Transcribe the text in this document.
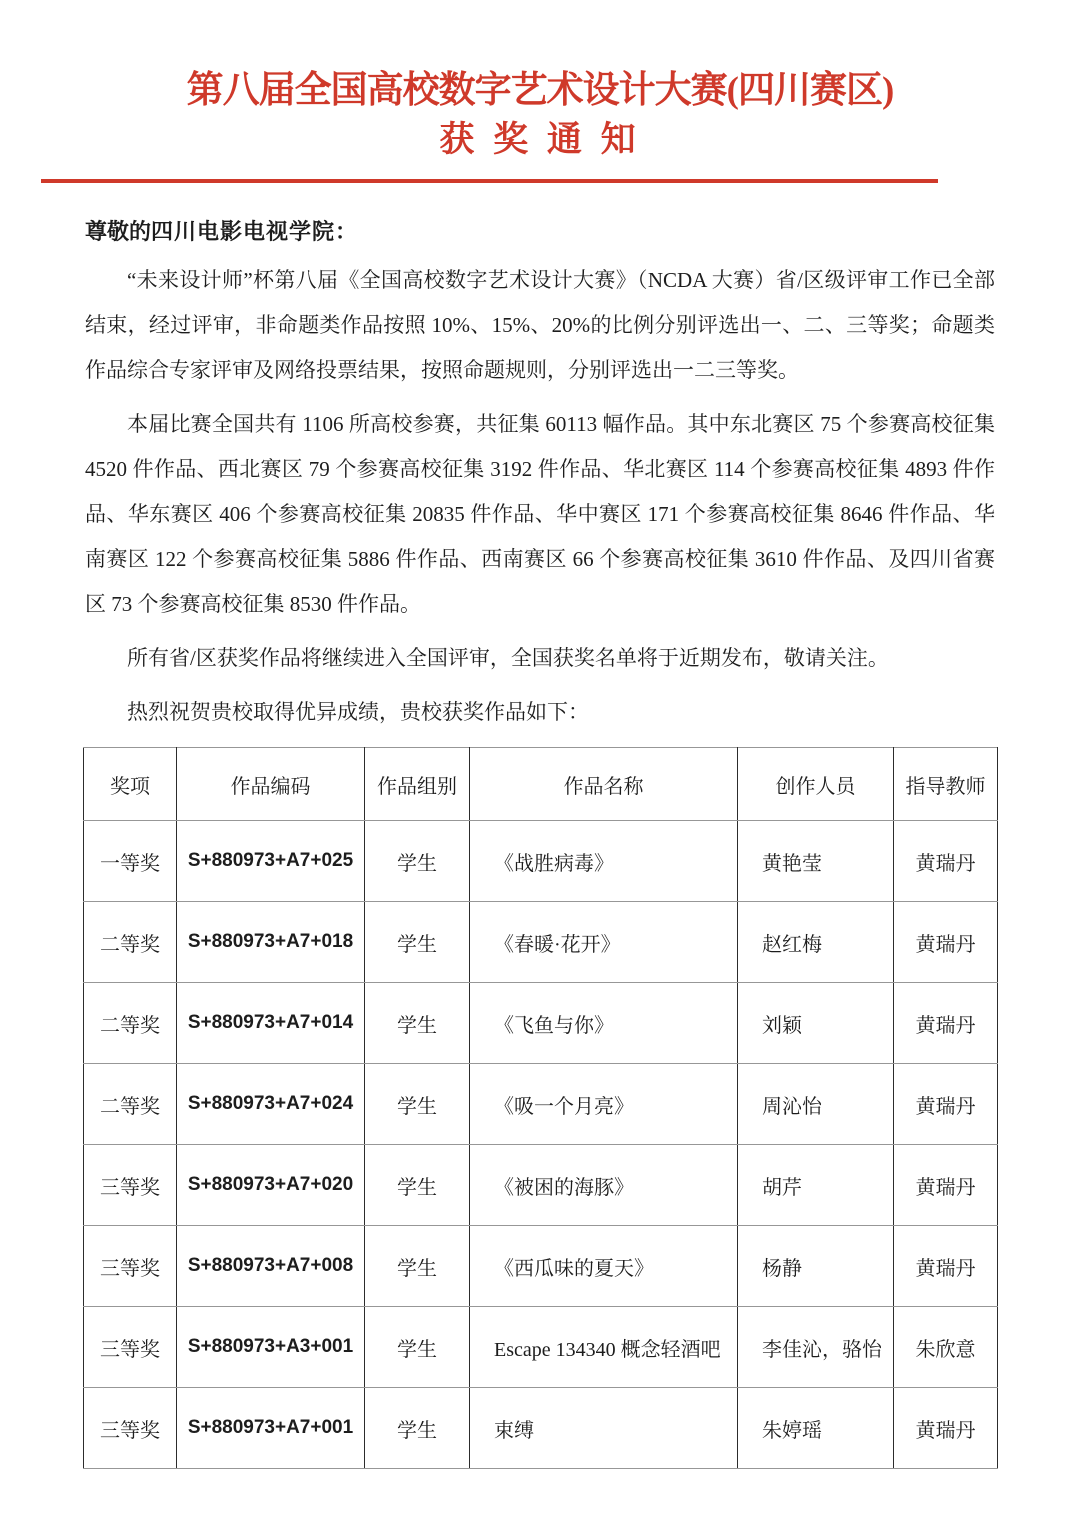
第八届全国高校数字艺术设计大赛(四川赛区)
获 奖 通 知

尊敬的四川电影电视学院：

“未来设计师”杯第八届《全国高校数字艺术设计大赛》（NCDA 大赛）省/区级评审工作已全部结束，经过评审，非命题类作品按照 10%、15%、20%的比例分别评选出一、二、三等奖；命题类作品综合专家评审及网络投票结果，按照命题规则，分别评选出一二三等奖。

本届比赛全国共有 1106 所高校参赛，共征集 60113 幅作品。其中东北赛区 75 个参赛高校征集 4520 件作品、西北赛区 79 个参赛高校征集 3192 件作品、华北赛区 114 个参赛高校征集 4893 件作品、华东赛区 406 个参赛高校征集 20835 件作品、华中赛区 171 个参赛高校征集 8646 件作品、华南赛区 122 个参赛高校征集 5886 件作品、西南赛区 66 个参赛高校征集 3610 件作品、及四川省赛区 73 个参赛高校征集 8530 件作品。

所有省/区获奖作品将继续进入全国评审，全国获奖名单将于近期发布，敬请关注。

热烈祝贺贵校取得优异成绩，贵校获奖作品如下：

奖项	作品编码	作品组别	作品名称	创作人员	指导教师
一等奖	S+880973+A7+025	学生	《战胜病毒》	黄艳莹	黄瑞丹
二等奖	S+880973+A7+018	学生	《春暖·花开》	赵红梅	黄瑞丹
二等奖	S+880973+A7+014	学生	《飞鱼与你》	刘颖	黄瑞丹
二等奖	S+880973+A7+024	学生	《吸一个月亮》	周沁怡	黄瑞丹
三等奖	S+880973+A7+020	学生	《被困的海豚》	胡芹	黄瑞丹
三等奖	S+880973+A7+008	学生	《西瓜味的夏天》	杨静	黄瑞丹
三等奖	S+880973+A3+001	学生	Escape 134340 概念轻酒吧	李佳沁，骆怡	朱欣意
三等奖	S+880973+A7+001	学生	束缚	朱婷瑶	黄瑞丹
